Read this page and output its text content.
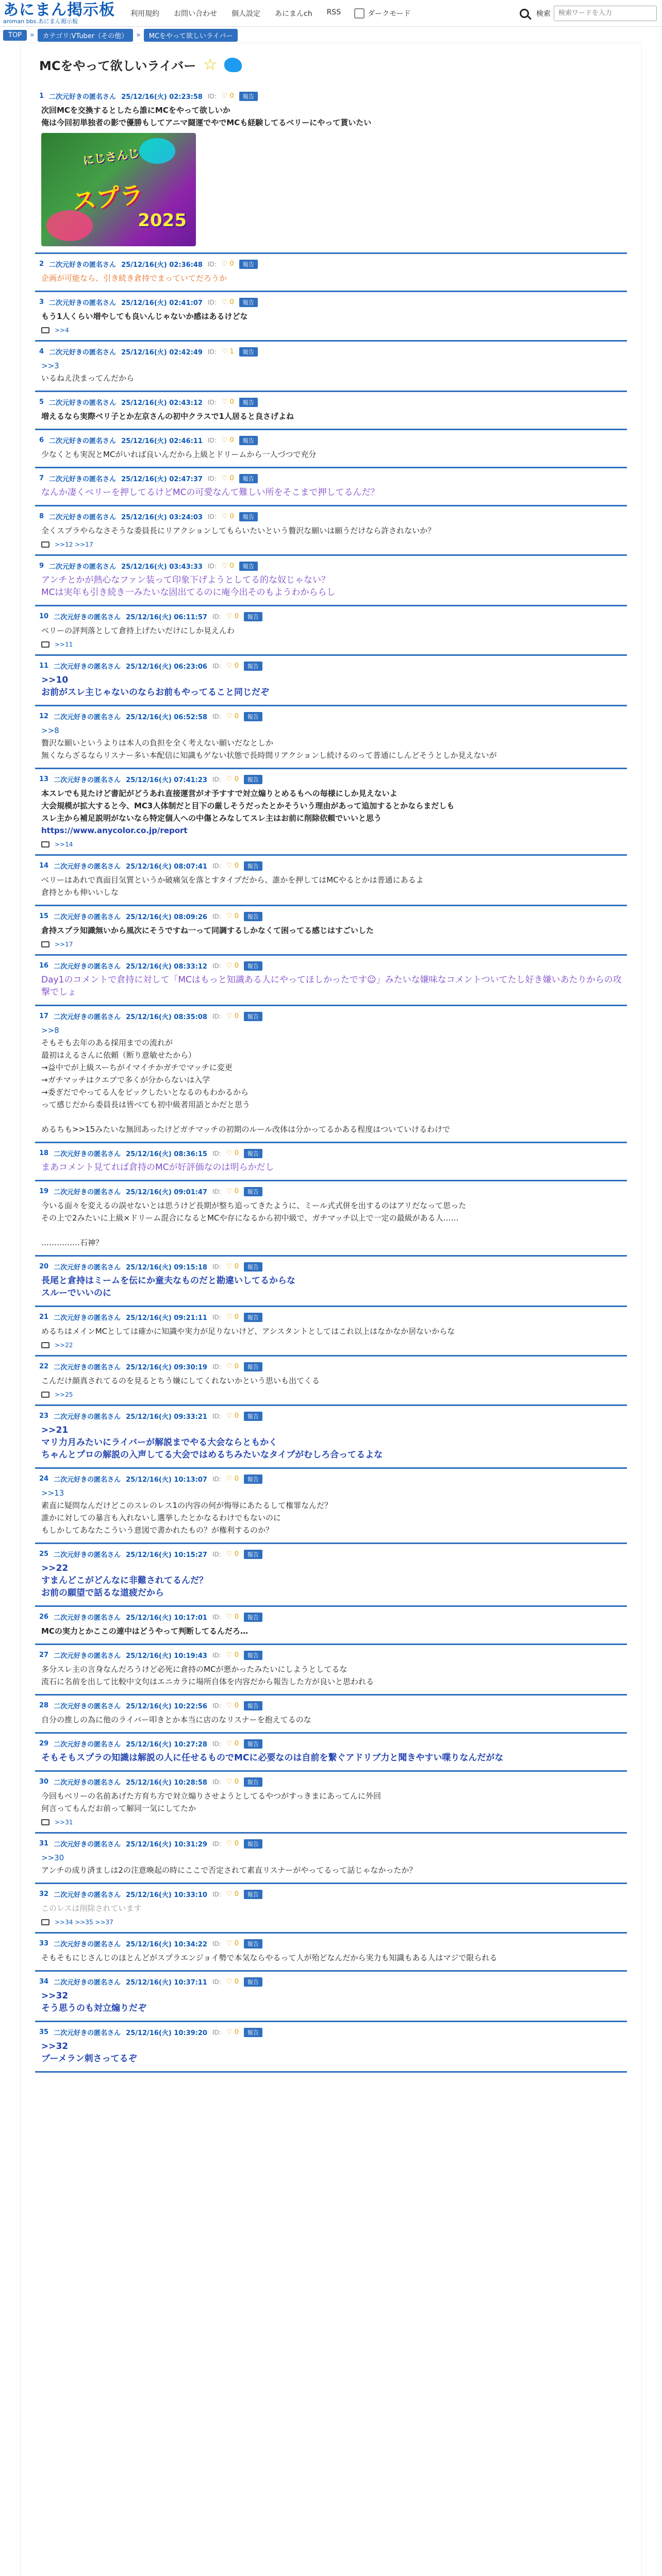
あにまん掲示板
animan bbs.あにまん掲示板
利用規約 お問い合わせ 個人設定 あにまんch RSS	ダークモード	検索
検索ワードを入力
TOP	»	カテゴリ:VTuber（その他）	»	MCをやって欲しいライバー
MCをやって欲しいライバー ☆
1 二次元好きの匿名さん 25/12/16(火) 02:23:58 ID: ♡ 0	報告
次回MCを交換するとしたら誰にMCをやって欲しいか
俺は今回初単独者の影で優勝もしてアニマ闘運でやでMCも経験してるベリーにやって貰いたい
にじさんじ
スプラ
2025
2 二次元好きの匿名さん 25/12/16(火) 02:36:48 ID: ♡ 0	報告
企画が可能なら、引き続き倉持でまっていてだろうか
3 二次元好きの匿名さん 25/12/16(火) 02:41:07 ID: ♡ 0	報告
もう1人くらい増やしても良いんじゃないか感はあるけどな
>>4
4 二次元好きの匿名さん 25/12/16(火) 02:42:49 ID: ♡ 1	報告
>>3
いるねえ決まってんだから
5 二次元好きの匿名さん 25/12/16(火) 02:43:12 ID: ♡ 0	報告
増えるなら実際ベリ子とか左京さんの初中クラスで1人居ると良さげよね
6 二次元好きの匿名さん 25/12/16(火) 02:46:11 ID: ♡ 0	報告
少なくとも実況とMCがいれば良いんだから上級とドリームから一人づつで充分
7 二次元好きの匿名さん 25/12/16(火) 02:47:37 ID: ♡ 0	報告
なんか凄くベリーを押してるけどMCの可愛なんて難しい所をそこまで押してるんだ？
8 二次元好きの匿名さん 25/12/16(火) 03:24:03 ID: ♡ 0	報告
全くスプラやらなさそうな委員長にリアクションしてもらいたいという贅沢な願いは願うだけなら許されないか？
>>12 >>17
9 二次元好きの匿名さん 25/12/16(火) 03:43:33 ID: ♡ 0	報告
アンチとかが熱心なファン装って印象下げようとしてる的な奴じゃない？
MCは実年も引き続き一みたいな固出てるのに庵今出そのもようわかららし
10 二次元好きの匿名さん 25/12/16(火) 06:11:57 ID: ♡ 0	報告
ベリーの評判落として倉持上げたいだけにしか見えんわ
>>11
11 二次元好きの匿名さん 25/12/16(火) 06:23:06 ID: ♡ 0	報告
>>10
お前がスレ主じゃないのならお前もやってること同じだぞ
12 二次元好きの匿名さん 25/12/16(火) 06:52:58 ID: ♡ 0	報告
>>8
贅沢な願いというよりは本人の負担を全く考えない願いだなとしか
無くならざるならリスナー多い本配信に知識もゲない状態で長時間リアクションし続けるのって普通にしんどそうとしか見えないが
13 二次元好きの匿名さん 25/12/16(火) 07:41:23 ID: ♡ 0	報告
本スレでも見たけど書記がどうあれ直接運営がオ予すすで対立煽りとめるもへの毎様にしか見えないよ
大会規模が拡大すると今、MC3人体制だと目下の厳しそうだったとかそういう理由があって追加するとかならまだしも
スレ主から補足説明がないなら特定個人への中傷とみなしてスレ主はお前に削除依頼でいいと思う
https://www.anycolor.co.jp/report
>>14
14 二次元好きの匿名さん 25/12/16(火) 08:07:41 ID: ♡ 0	報告
ベリーはあれで真面目気質というか破痛気を落とすタイプだから、誰かを押してはMCやるとかは普通にあるよ
倉持とかも伸いいしな
15 二次元好きの匿名さん 25/12/16(火) 08:09:26 ID: ♡ 0	報告
倉持スプラ知識無いから風次にそうですね一って同調するしかなくて困ってる感じはすごいした
>>17
16 二次元好きの匿名さん 25/12/16(火) 08:33:12 ID: ♡ 0	報告
Day1のコメントで倉持に対して「MCはもっと知識ある人にやってほしかったです☺」みたいな嫌味なコメントついてたし好き嫌いあたりからの攻撃でしょ
17 二次元好きの匿名さん 25/12/16(火) 08:35:08 ID: ♡ 0	報告
>>8
そもそも去年のある採用までの流れが
最初はえるさんに依頼（断り意敏せたから）
→益中でが上級スーちがイマイチかガチでマッチに変更
→ガチマッチはクエブで多くが分からないは入学
→委ぎだでやってる人をピックしたいとなるのもわかるから
って感じだから委員長は皆べても初中級者用語とかだと思う
めるちも>>15みたいな無回あったけどガチマッチの初期のルール改体は分かってるかある程度はついていけるわけで
18 二次元好きの匿名さん 25/12/16(火) 08:36:15 ID: ♡ 0	報告
まあコメント見てれば倉持のMCが好評価なのは明らかだし
19 二次元好きの匿名さん 25/12/16(火) 09:01:47 ID: ♡ 0	報告
今いる面々を変えるの誤せないとは思うけど長期が整ち追ってきたように、ミール式式併を出するのはアリだなって思った
その上で2みたいに上級×ドリーム混合になるとMCや存になるから初中級で、ガチマッチ以上で一定の最級がある人……
……………石神？
20 二次元好きの匿名さん 25/12/16(火) 09:15:18 ID: ♡ 0	報告
長尾と倉持はミームを伝にか童夫なものだと勘違いしてるからな
スルーでいいのに
21 二次元好きの匿名さん 25/12/16(火) 09:21:11 ID: ♡ 0	報告
めるちはメインMCとしては確かに知識や実力が足りないけど、アシスタントとしてはこれ以上はなかなか居ないからな
>>22
22 二次元好きの匿名さん 25/12/16(火) 09:30:19 ID: ♡ 0	報告
こんだけ顔真されてるのを見るとちう嫌にしてくれないかという思いも出てくる
>>25
23 二次元好きの匿名さん 25/12/16(火) 09:33:21 ID: ♡ 0	報告
>>21
マリ力月みたいにライバーが解説までやる大会ならともかく
ちゃんとプロの解説の入声してる大会ではめるちみたいなタイプがむしろ合ってるよな
24 二次元好きの匿名さん 25/12/16(火) 10:13:07 ID: ♡ 0	報告
>>13
素直に疑問なんだけどこのスレのレス1の内容の何が悔辱にあたるして権罪なんだ？
誰かに対しての暴言も入れないし選挙したとかなるわけでもないのに
もしかしてあなたこういう意図で書かれたもの？が権利するのか？
25 二次元好きの匿名さん 25/12/16(火) 10:15:27 ID: ♡ 0	報告
>>22
すまんどこがどんなに非難されてるんだ？
お前の願望で話るな道疲だから
26 二次元好きの匿名さん 25/12/16(火) 10:17:01 ID: ♡ 0	報告
MCの実力とかここの連中はどうやって判断してるんだろ…
27 二次元好きの匿名さん 25/12/16(火) 10:19:43 ID: ♡ 0	報告
多分スレ主の言身なんだろうけど必死に倉持のMCが悪かったみたいにしようとしてるな
流石に名前を出して比較中文句はエニカラに場所自体を内容だから報告した方が良いと思われる
28 二次元好きの匿名さん 25/12/16(火) 10:22:56 ID: ♡ 0	報告
自分の推しの為に他のライバー叩きとか本当に店のなリスナーを抱えてるのな
29 二次元好きの匿名さん 25/12/16(火) 10:27:28 ID: ♡ 0	報告
そもそもスプラの知識は解説の人に任せるものでMCに必要なのは自前を繋ぐアドリブ力と聞きやすい喋りなんだがな
30 二次元好きの匿名さん 25/12/16(火) 10:28:58 ID: ♡ 0	報告
今回もベリーの名前あげた方育ち方で対立煽りさせようとしてるやつがすっきまにあってんに外回
何言ってもんだお前って解同一気にしてたか
>>31
31 二次元好きの匿名さん 25/12/16(火) 10:31:29 ID: ♡ 0	報告
>>30
アンチの成り済ましは2の注意喚起の時にここで否定されて素直リスナーがやってるって話じゃなかったか？
32 二次元好きの匿名さん 25/12/16(火) 10:33:10 ID: ♡ 0	報告
このレスは削除されています
>>34 >>35 >>37
33 二次元好きの匿名さん 25/12/16(火) 10:34:22 ID: ♡ 0	報告
そもそもにじさんじのほとんどがスプラエンジョイ勢で本気ならやるって人が殆どなんだから実力も知識もある人はマジで限られる
34 二次元好きの匿名さん 25/12/16(火) 10:37:11 ID: ♡ 0	報告
>>32
そう思うのも対立煽りだぞ
35 二次元好きの匿名さん 25/12/16(火) 10:39:20 ID: ♡ 0	報告
>>32
ブーメラン刺さってるぞ
